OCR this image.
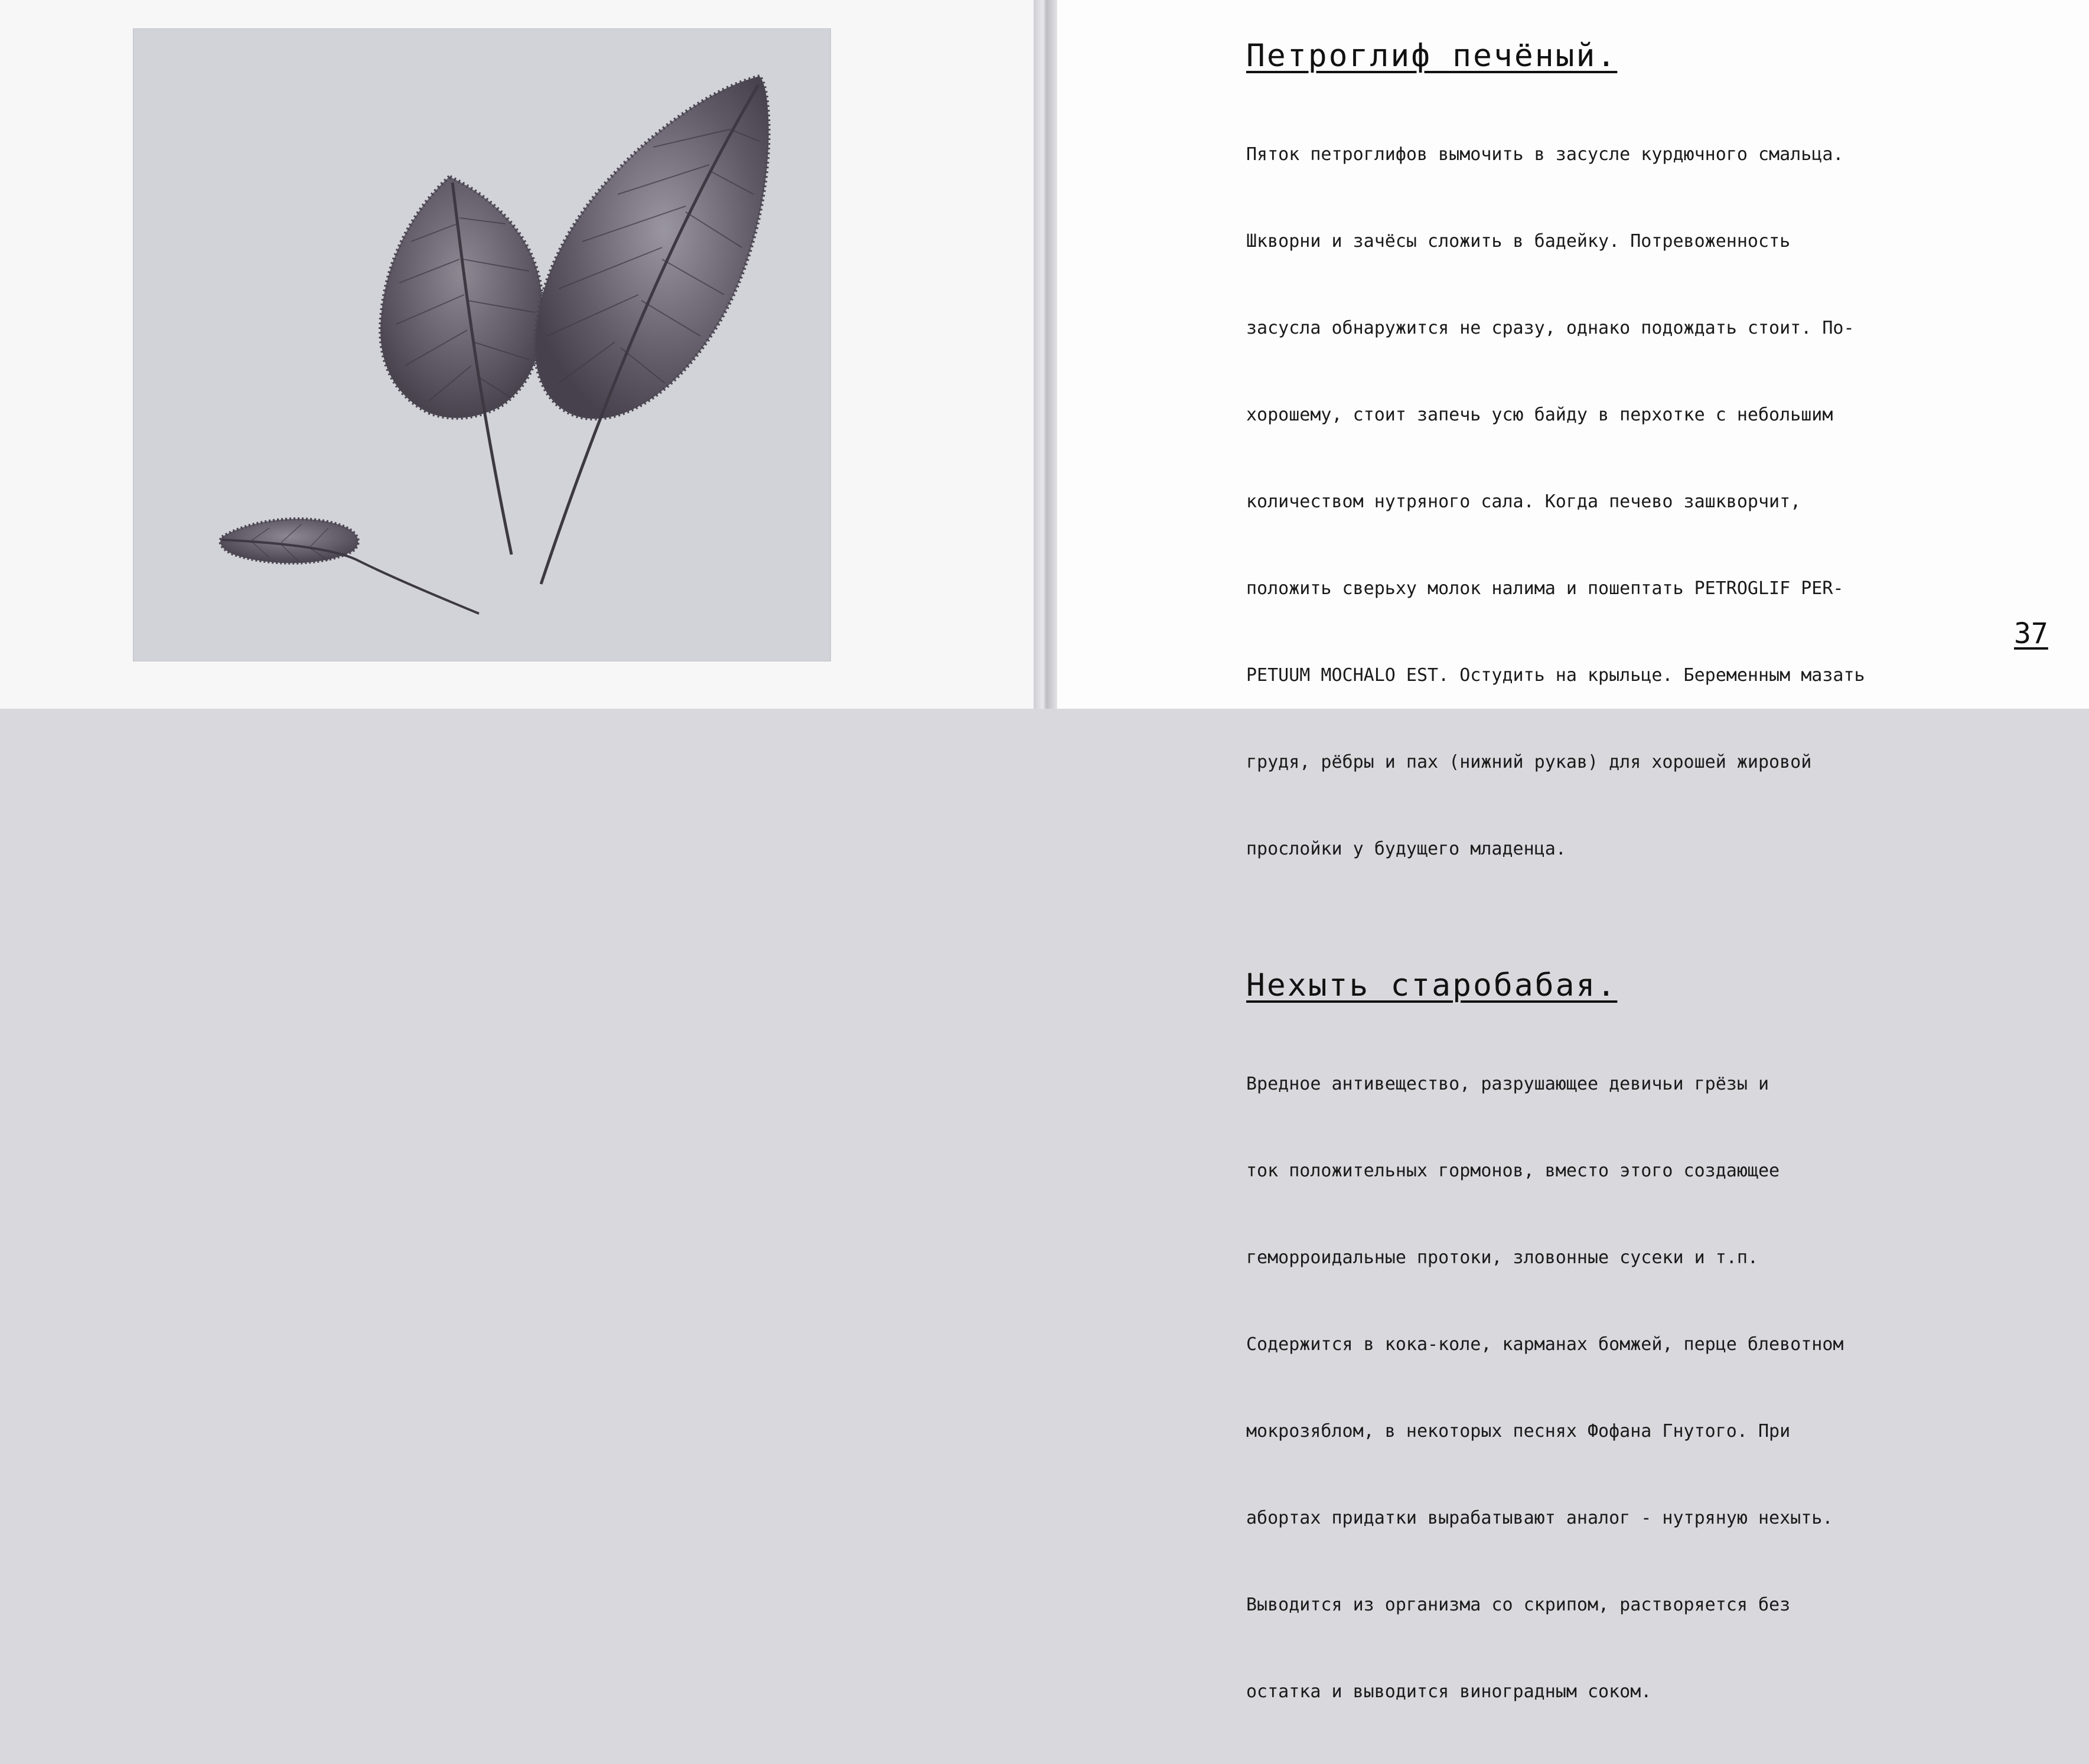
Петроглиф печёный.

Пяток петроглифов вымочить в засусле курдючного смальца.

Шкворни и зачёсы сложить в бадейку. Потревоженность

засусла обнаружится не сразу, однако подождать стоит. По-

хорошему, стоит запечь усю байду в перхотке с небольшим

количеством нутряного сала. Когда печево зашкворчит,

положить сверьху молок налима и пошептать PETROGLIF PER-

PETUUM MOCHALO EST. Остудить на крыльце. Беременным мазать

грудя, рёбры и пах (нижний рукав) для хорошей жировой

прослойки у будущего младенца.

Нехыть старобабая.

Вредное антивещество, разрушающее девичьи грёзы и

ток положительных гормонов, вместо этого создающее

геморроидальные протоки, зловонные сусеки и т.п.

Содержится в кока-коле, карманах бомжей, перце блевотном

мокрозяблом, в некоторых песнях Фофана Гнутого. При

абортах придатки вырабатывают аналог - нутряную нехыть.

Выводится из организма со скрипом, растворяется без

остатка и выводится виноградным соком.

37
